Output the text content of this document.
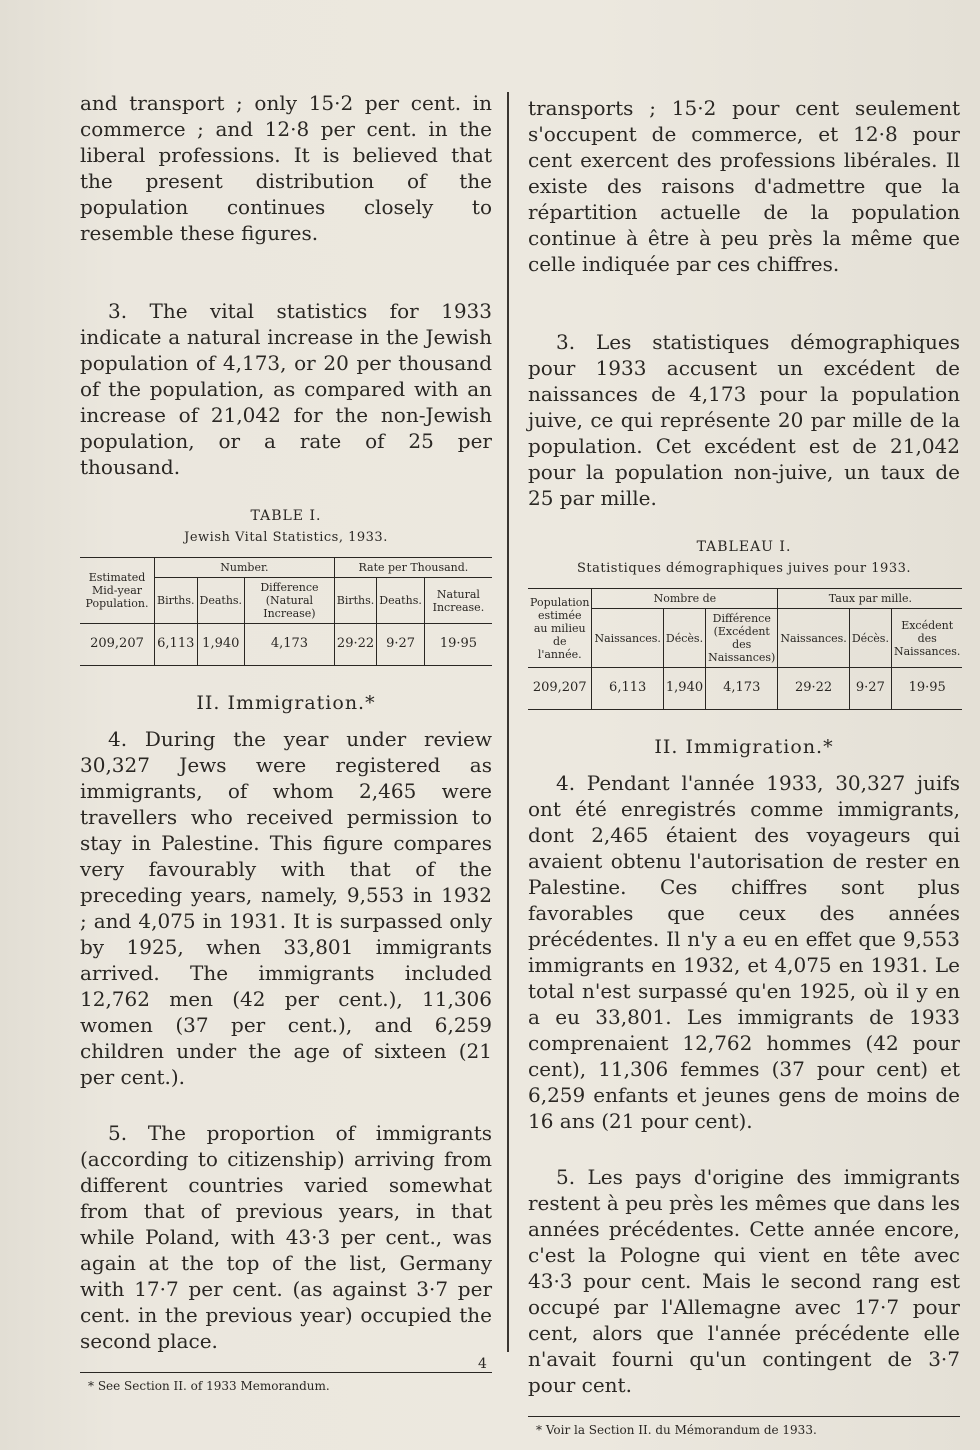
and transport ; only 15·2 per cent. in commerce ; and 12·8 per cent. in the liberal professions. It is believed that the present distribution of the population continues closely to resemble these figures.

3. The vital statistics for 1933 indicate a natural increase in the Jewish population of 4,173, or 20 per thousand of the population, as compared with an increase of 21,042 for the non-Jewish population, or a rate of 25 per thousand.

TABLE I.
Jewish Vital Statistics, 1933.
Estimated Mid-year Population.	Number.			Rate per Thousand.		
	Births.	Deaths.	Difference (Natural Increase)	Births.	Deaths.	Natural Increase.
209,207	6,113	1,940	4,173	29·22	9·27	19·95
II. Immigration.*

4. During the year under review 30,327 Jews were registered as immigrants, of whom 2,465 were travellers who received permission to stay in Palestine. This figure compares very favourably with that of the preceding years, namely, 9,553 in 1932 ; and 4,075 in 1931. It is surpassed only by 1925, when 33,801 immigrants arrived. The immigrants included 12,762 men (42 per cent.), 11,306 women (37 per cent.), and 6,259 children under the age of sixteen (21 per cent.).

5. The proportion of immigrants (according to citizenship) arriving from different countries varied somewhat from that of previous years, in that while Poland, with 43·3 per cent., was again at the top of the list, Germany with 17·7 per cent. (as against 3·7 per cent. in the previous year) occupied the second place.

* See Section II. of 1933 Memorandum.

transports ; 15·2 pour cent seulement s'occupent de commerce, et 12·8 pour cent exercent des professions libérales. Il existe des raisons d'admettre que la répartition actuelle de la population continue à être à peu près la même que celle indiquée par ces chiffres.

3. Les statistiques démographiques pour 1933 accusent un excédent de naissances de 4,173 pour la population juive, ce qui représente 20 par mille de la population. Cet excédent est de 21,042 pour la population non-juive, un taux de 25 par mille.

TABLEAU I.
Statistiques démographiques juives pour 1933.
Population estimée au milieu de l'année.	Nombre de			Taux par mille.		
	Naissances.	Décès.	Différence (Excédent des Naissances)	Naissances.	Décès.	Excédent des Naissances.
209,207	6,113	1,940	4,173	29·22	9·27	19·95
II. Immigration.*

4. Pendant l'année 1933, 30,327 juifs ont été enregistrés comme immigrants, dont 2,465 étaient des voyageurs qui avaient obtenu l'autorisation de rester en Palestine. Ces chiffres sont plus favorables que ceux des années précédentes. Il n'y a eu en effet que 9,553 immigrants en 1932, et 4,075 en 1931. Le total n'est surpassé qu'en 1925, où il y en a eu 33,801. Les immigrants de 1933 comprenaient 12,762 hommes (42 pour cent), 11,306 femmes (37 pour cent) et 6,259 enfants et jeunes gens de moins de 16 ans (21 pour cent).

5. Les pays d'origine des immigrants restent à peu près les mêmes que dans les années précédentes. Cette année encore, c'est la Pologne qui vient en tête avec 43·3 pour cent. Mais le second rang est occupé par l'Allemagne avec 17·7 pour cent, alors que l'année précédente elle n'avait fourni qu'un contingent de 3·7 pour cent.

* Voir la Section II. du Mémorandum de 1933.
4
